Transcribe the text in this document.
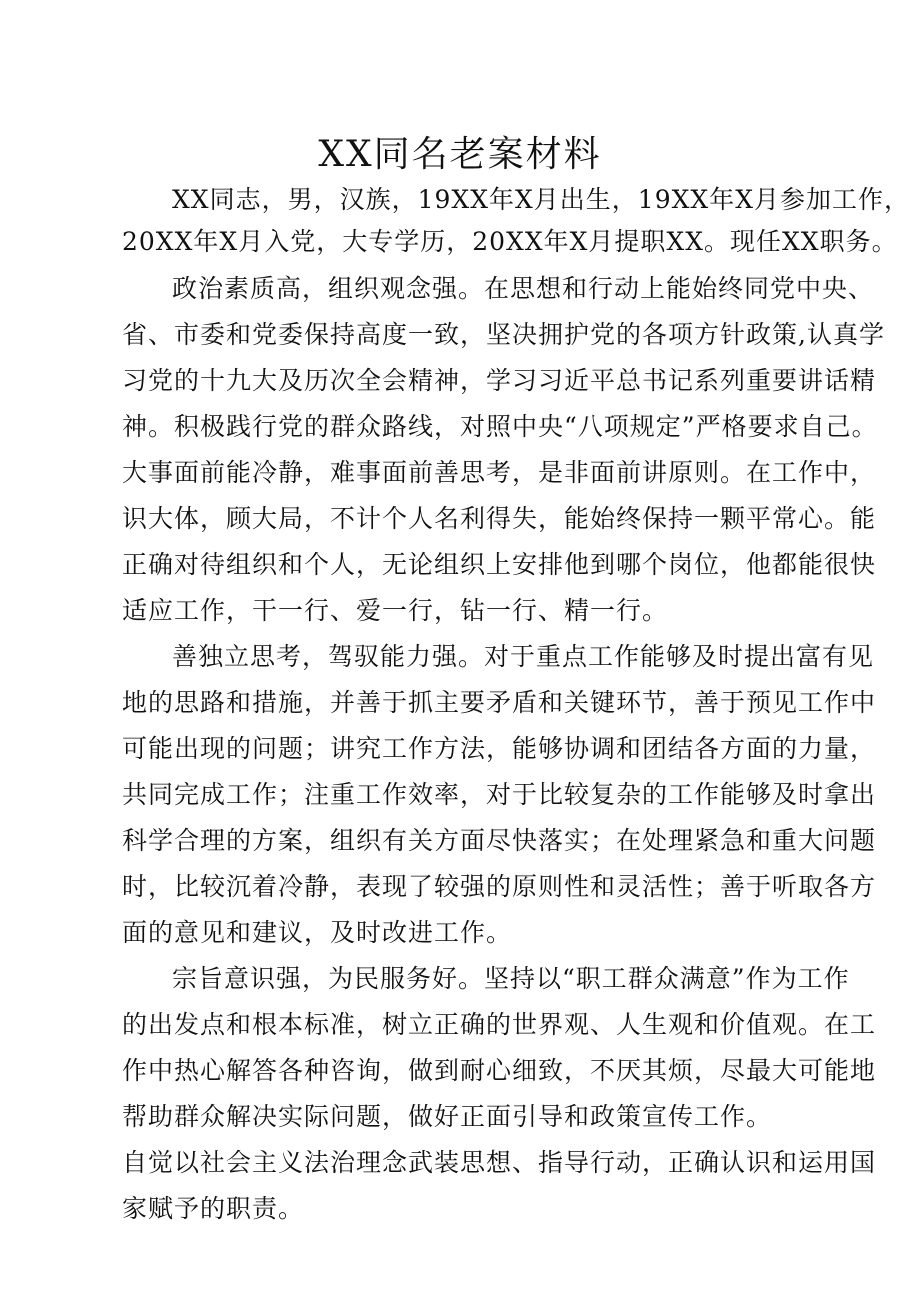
XX同名老案材料
XX同志，男，汉族，19XX年X月出生，19XX年X月参加工作，
20XX年X月入党，大专学历，20XX年X月提职XX。现任XX职务。
政治素质高，组织观念强。在思想和行动上能始终同党中央、
省、市委和党委保持高度一致，坚决拥护党的各项方针政策,认真学
习党的十九大及历次全会精神，学习习近平总书记系列重要讲话精
神。积极践行党的群众路线，对照中央“八项规定”严格要求自己。
大事面前能冷静，难事面前善思考，是非面前讲原则。在工作中，
识大体，顾大局，不计个人名利得失，能始终保持一颗平常心。能
正确对待组织和个人，无论组织上安排他到哪个岗位，他都能很快
适应工作，干一行、爱一行，钻一行、精一行。
善独立思考，驾驭能力强。对于重点工作能够及时提出富有见
地的思路和措施，并善于抓主要矛盾和关键环节，善于预见工作中
可能出现的问题；讲究工作方法，能够协调和团结各方面的力量，
共同完成工作；注重工作效率，对于比较复杂的工作能够及时拿出
科学合理的方案，组织有关方面尽快落实；在处理紧急和重大问题
时，比较沉着冷静，表现了较强的原则性和灵活性；善于听取各方
面的意见和建议，及时改进工作。
宗旨意识强，为民服务好。坚持以“职工群众满意”作为工作
的出发点和根本标准，树立正确的世界观、人生观和价值观。在工
作中热心解答各种咨询，做到耐心细致，不厌其烦，尽最大可能地
帮助群众解决实际问题，做好正面引导和政策宣传工作。
自觉以社会主义法治理念武装思想、指导行动，正确认识和运用国
家赋予的职责。
